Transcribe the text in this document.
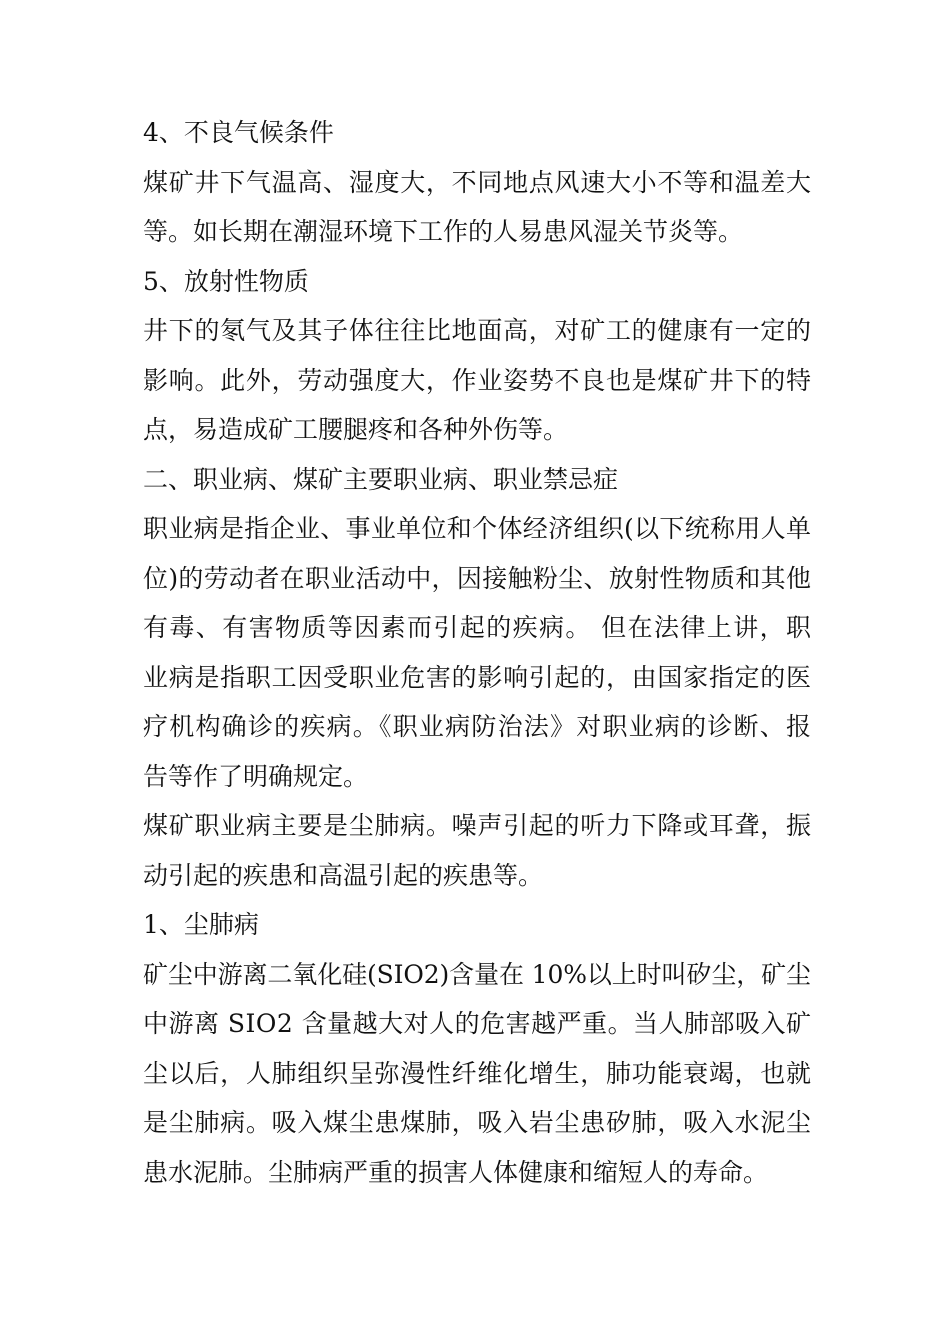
4、不良气候条件
煤矿井下气温高、湿度大，不同地点风速大小不等和温差大
等。如长期在潮湿环境下工作的人易患风湿关节炎等。
5、放射性物质
井下的氡气及其子体往往比地面高，对矿工的健康有一定的
影响。此外，劳动强度大，作业姿势不良也是煤矿井下的特
点，易造成矿工腰腿疼和各种外伤等。
二、职业病、煤矿主要职业病、职业禁忌症
职业病是指企业、事业单位和个体经济组织(以下统称用人单
位)的劳动者在职业活动中，因接触粉尘、放射性物质和其他
有毒、有害物质等因素而引起的疾病。 但在法律上讲，职
业病是指职工因受职业危害的影响引起的，由国家指定的医
疗机构确诊的疾病。《职业病防治法》对职业病的诊断、报
告等作了明确规定。
煤矿职业病主要是尘肺病。噪声引起的听力下降或耳聋，振
动引起的疾患和高温引起的疾患等。
1、尘肺病
矿尘中游离二氧化硅(SIO2)含量在 10%以上时叫矽尘，矿尘
中游离 SIO2 含量越大对人的危害越严重。当人肺部吸入矿
尘以后，人肺组织呈弥漫性纤维化增生，肺功能衰竭，也就
是尘肺病。吸入煤尘患煤肺，吸入岩尘患矽肺，吸入水泥尘
患水泥肺。尘肺病严重的损害人体健康和缩短人的寿命。
